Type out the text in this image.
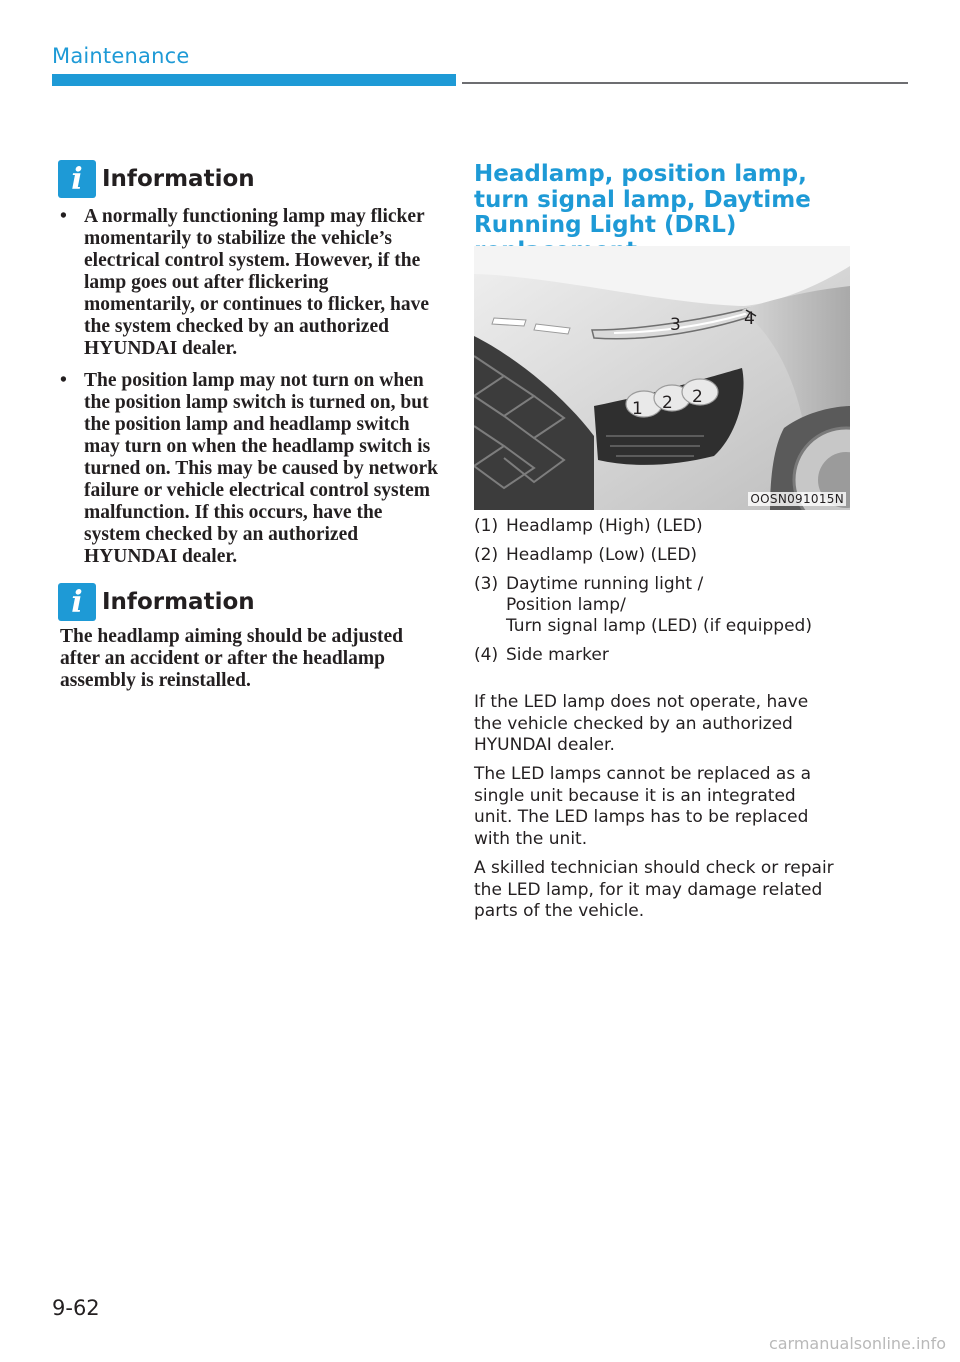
Maintenance
i Information
• A normally functioning lamp may flicker momentarily to stabilize the vehicle’s electrical control system. However, if the lamp goes out after flickering momentarily, or continues to flicker, have the system checked by an authorized HYUNDAI dealer.
• The position lamp may not turn on when the position lamp switch is turned on, but the position lamp and headlamp switch may turn on when the headlamp switch is turned on. This may be caused by network failure or vehicle electrical control system malfunction. If this occurs, have the system checked by an authorized HYUNDAI dealer.
i Information

The headlamp aiming should be adjusted after an accident or after the headlamp assembly is reinstalled.

Headlamp, position lamp, turn signal lamp, Daytime Running Light (DRL)
1 2 2
3	4
OOSN091015N
(1) Headlamp (High) (LED)
(2) Headlamp (Low) (LED)
(3) Daytime running light /
Position lamp/
Turn signal lamp (LED) (if equipped)
(4) Side marker

If the LED lamp does not operate, have the vehicle checked by an authorized HYUNDAI dealer.

The LED lamps cannot be replaced as a single unit because it is an integrated unit. The LED lamps has to be replaced with the unit.

A skilled technician should check or repair the LED lamp, for it may damage related parts of the vehicle.

9-62
carmanualsonline.info
